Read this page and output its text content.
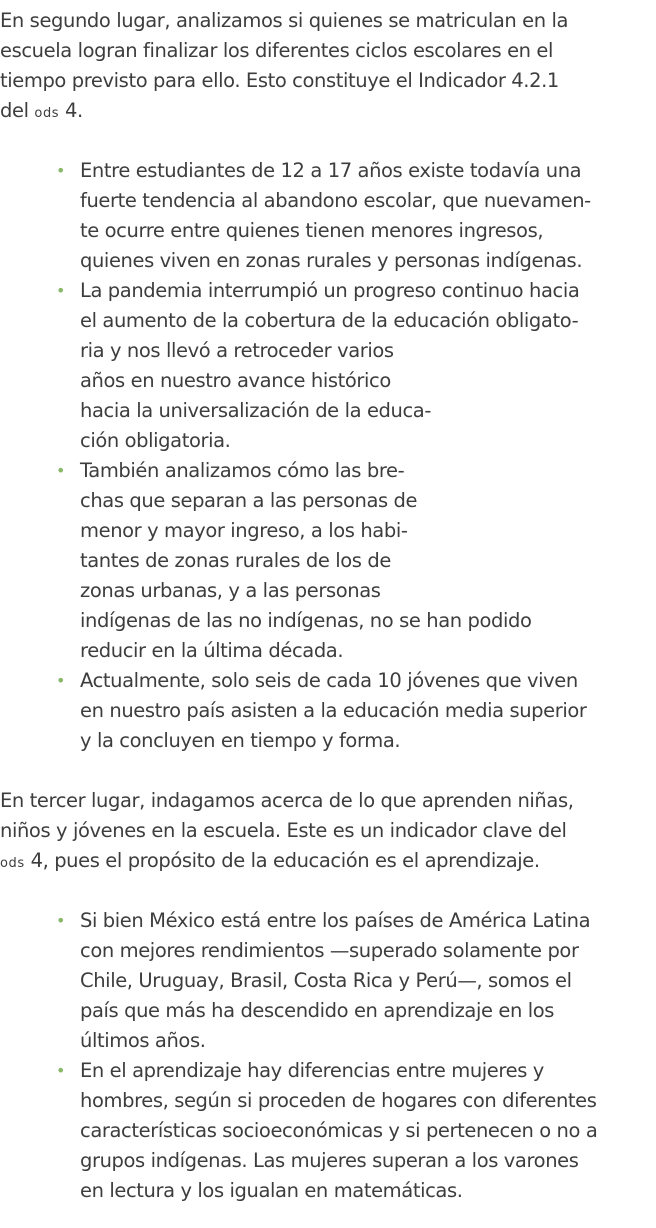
En segundo lugar, analizamos si quienes se matriculan en la
escuela logran finalizar los diferentes ciclos escolares en el
tiempo previsto para ello. Esto constituye el Indicador 4.2.1
del ods 4.

• Entre estudiantes de 12 a 17 años existe todavía una
fuerte tendencia al abandono escolar, que nuevamen-
te ocurre entre quienes tienen menores ingresos,
quienes viven en zonas rurales y personas indígenas.
• La pandemia interrumpió un progreso continuo hacia
el aumento de la cobertura de la educación obligato-
ria y nos llevó a retroceder varios
años en nuestro avance histórico
hacia la universalización de la educa-
ción obligatoria.
• También analizamos cómo las bre-
chas que separan a las personas de
menor y mayor ingreso, a los habi-
tantes de zonas rurales de los de
zonas urbanas, y a las personas
indígenas de las no indígenas, no se han podido
reducir en la última década.
• Actualmente, solo seis de cada 10 jóvenes que viven
en nuestro país asisten a la educación media superior
y la concluyen en tiempo y forma.

En tercer lugar, indagamos acerca de lo que aprenden niñas,
niños y jóvenes en la escuela. Este es un indicador clave del
ods 4, pues el propósito de la educación es el aprendizaje.

• Si bien México está entre los países de América Latina
con mejores rendimientos —superado solamente por
Chile, Uruguay, Brasil, Costa Rica y Perú—, somos el
país que más ha descendido en aprendizaje en los
últimos años.
• En el aprendizaje hay diferencias entre mujeres y
hombres, según si proceden de hogares con diferentes
características socioeconómicas y si pertenecen o no a
grupos indígenas. Las mujeres superan a los varones
en lectura y los igualan en matemáticas.
